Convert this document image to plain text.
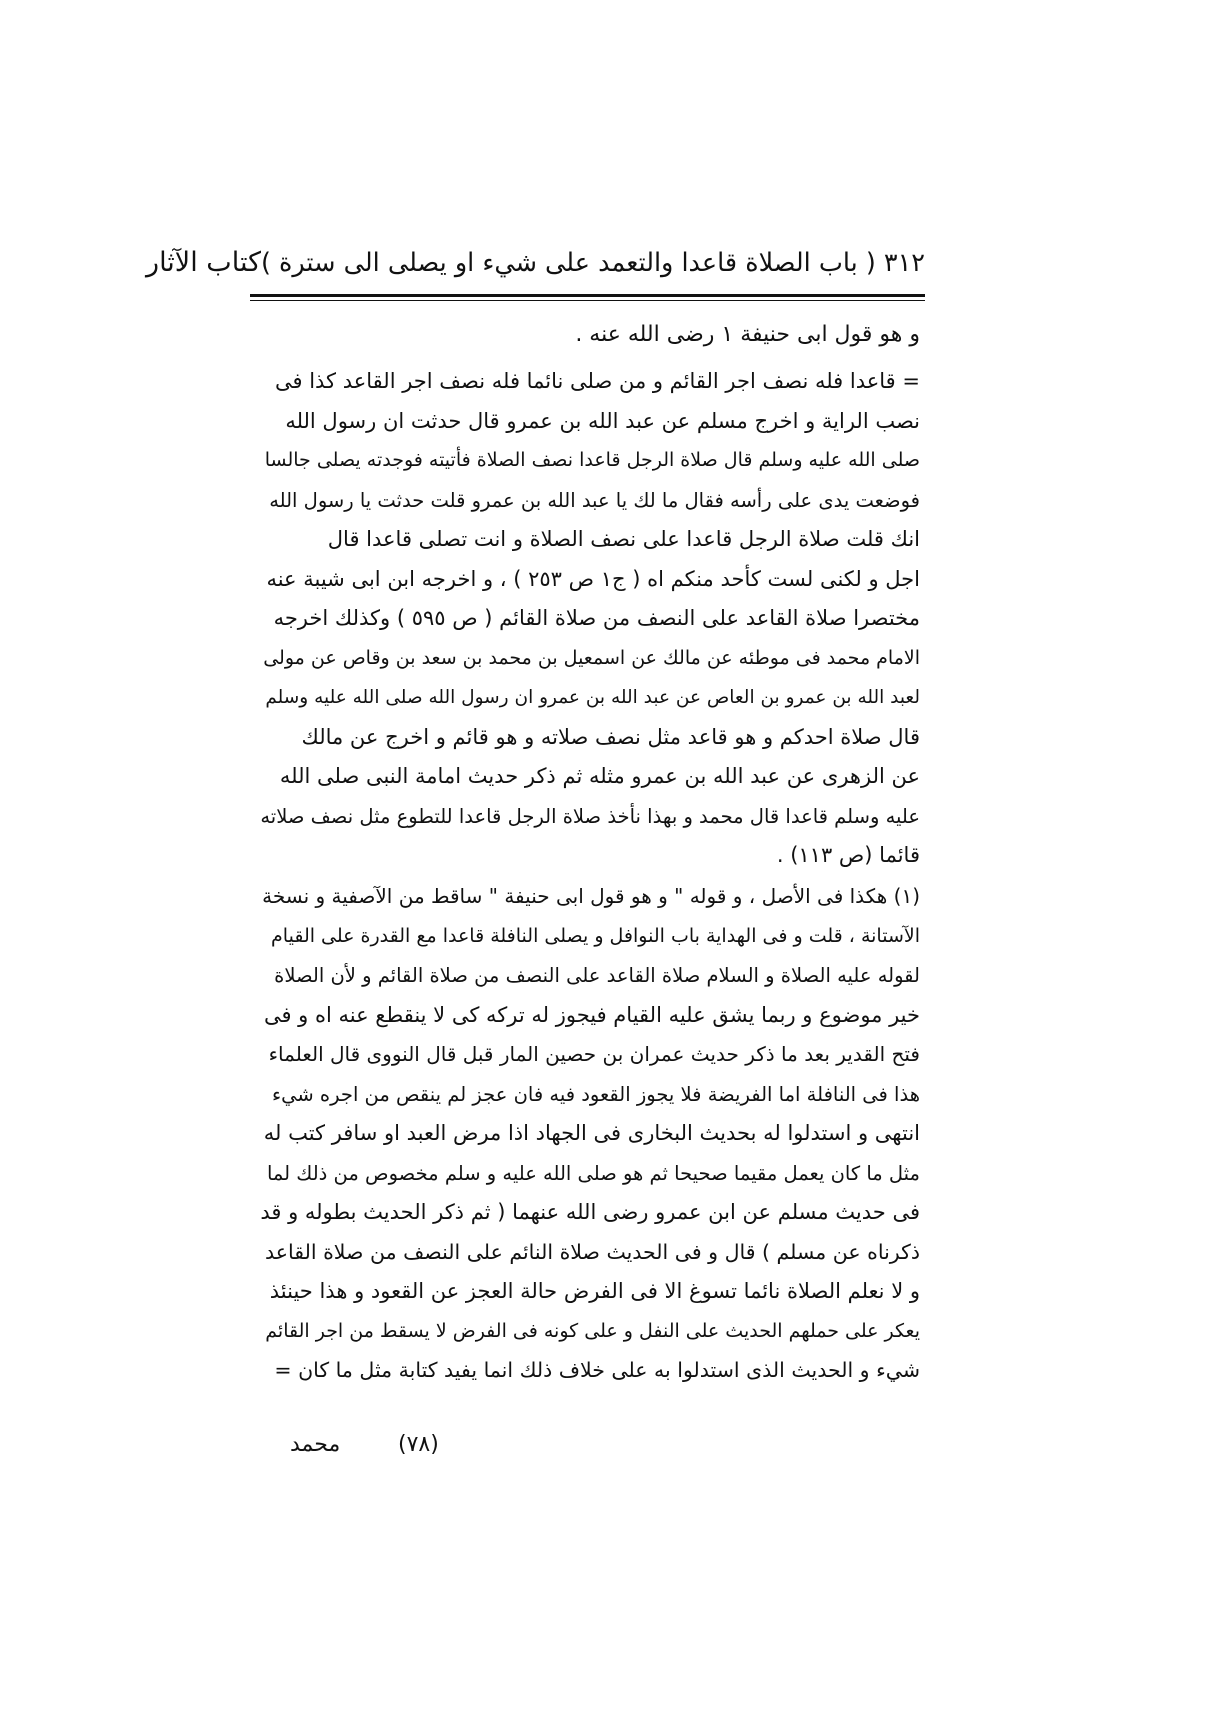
٣١٢ ( باب الصلاة قاعدا والتعمد على شيء او يصلى الى سترة )
كتاب الآثار
و هو قول ابى حنيفة ١ رضى الله عنه .
= قاعدا فله نصف اجر القائم و من صلى نائما فله نصف اجر القاعد كذا فى
نصب الراية و اخرج مسلم عن عبد الله بن عمرو قال حدثت ان رسول الله
صلى الله عليه وسلم قال صلاة الرجل قاعدا نصف الصلاة فأتيته فوجدته يصلى جالسا
فوضعت يدى على رأسه فقال ما لك يا عبد الله بن عمرو قلت حدثت يا رسول الله
انك قلت صلاة الرجل قاعدا على نصف الصلاة و انت تصلى قاعدا قال
اجل و لكنى لست كأحد منكم اه ( ج١ ص ٢٥٣ ) ، و اخرجه ابن ابى شيبة عنه
مختصرا صلاة القاعد على النصف من صلاة القائم ( ص ٥٩٥ ) وكذلك اخرجه
الامام محمد فى موطئه عن مالك عن اسمعيل بن محمد بن سعد بن وقاص عن مولى
لعبد الله بن عمرو بن العاص عن عبد الله بن عمرو ان رسول الله صلى الله عليه وسلم
قال صلاة احدكم و هو قاعد مثل نصف صلاته و هو قائم و اخرج عن مالك
عن الزهرى عن عبد الله بن عمرو مثله ثم ذكر حديث امامة النبى صلى الله
عليه وسلم قاعدا قال محمد و بهذا نأخذ صلاة الرجل قاعدا للتطوع مثل نصف صلاته
قائما (ص ١١٣) .
(١) هكذا فى الأصل ، و قوله " و هو قول ابى حنيفة " ساقط من الآصفية و نسخة
الآستانة ، قلت و فى الهداية باب النوافل و يصلى النافلة قاعدا مع القدرة على القيام
لقوله عليه الصلاة و السلام صلاة القاعد على النصف من صلاة القائم و لأن الصلاة
خير موضوع و ربما يشق عليه القيام فيجوز له تركه كى لا ينقطع عنه اه و فى
فتح القدير بعد ما ذكر حديث عمران بن حصين المار قبل قال النووى قال العلماء
هذا فى النافلة اما الفريضة فلا يجوز القعود فيه فان عجز لم ينقص من اجره شيء
انتهى و استدلوا له بحديث البخارى فى الجهاد اذا مرض العبد او سافر كتب له
مثل ما كان يعمل مقيما صحيحا ثم هو صلى الله عليه و سلم مخصوص من ذلك لما
فى حديث مسلم عن ابن عمرو رضى الله عنهما ( ثم ذكر الحديث بطوله و قد
ذكرناه عن مسلم ) قال و فى الحديث صلاة النائم على النصف من صلاة القاعد
و لا نعلم الصلاة نائما تسوغ الا فى الفرض حالة العجز عن القعود و هذا حينئذ
يعكر على حملهم الحديث على النفل و على كونه فى الفرض لا يسقط من اجر القائم
شيء و الحديث الذى استدلوا به على خلاف ذلك انما يفيد كتابة مثل ما كان =
محمد	(٧٨)
